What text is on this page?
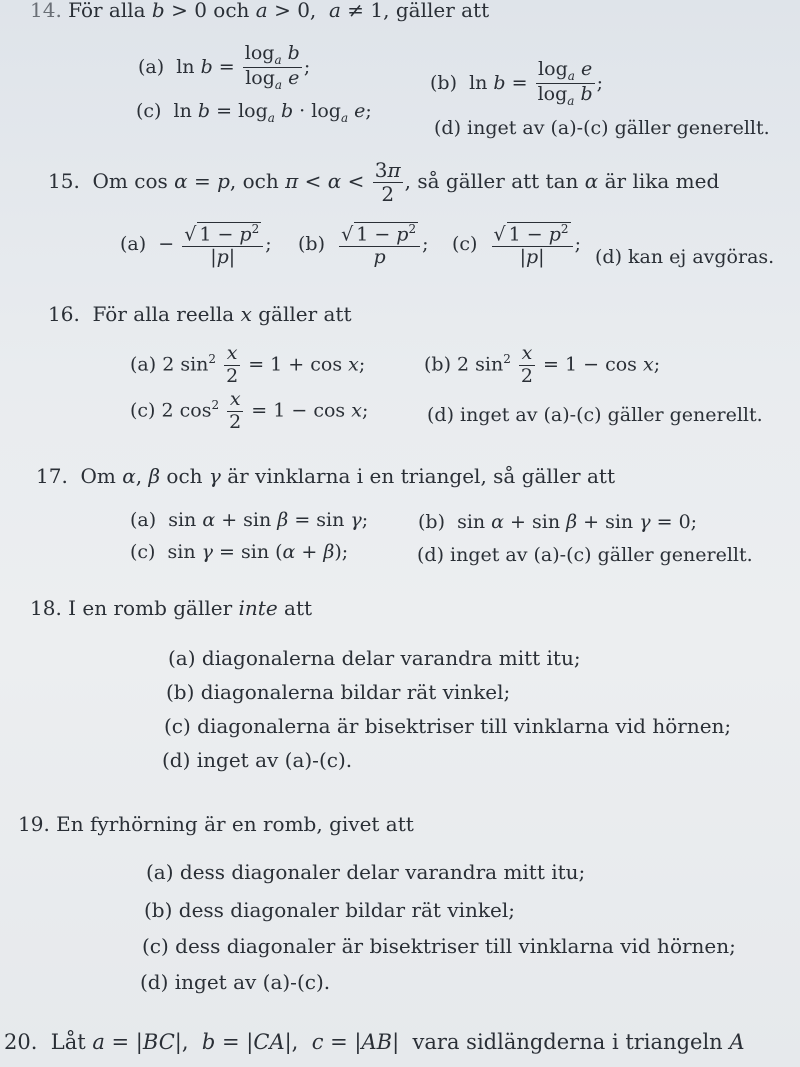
14. För alla b > 0 och a > 0,  a ≠ 1, gäller att
(a)  $\ln b = \frac{\log_a b}{\log_a e}$ ;
(b)  $\ln b = \frac{\log_a e}{\log_a b}$ ;
(c)  $\ln b = \log_a b \cdot \log_a e$;
(d) inget av (a)-(c) gäller generellt.
15.  Om cos α = p, och $\pi < \alpha < \frac{3\pi}{2}$ , så gäller att tan α är lika med
$(a) - \frac{√ 1 - p^2}{|p|}$ ; $(b) \frac{√ 1 - p^2}{p}$ ; $(c) \frac{√ 1 - p^2}{|p|}$ ;
(d) kan ej avgöras.
16.  För alla reella x gäller att
(a) 2 $\sin^2 \frac{x}{2} = 1 + \cos x$;	(b) 2 $\sin^2 \frac{x}{2} = 1 - \cos x$;
(c) 2 $\cos^2 \frac{x}{2} = 1 - \cos x$;	(d) inget av (a)-(c) gäller generellt.
17.  Om α, β och γ är vinklarna i en triangel, så gäller att
(a)  sin α + sin β = sin γ;	(b)  sin α + sin β + sin γ = 0;
(c)  sin γ = sin (α + β);	(d) inget av (a)-(c) gäller generellt.
18. I en romb gäller inte att
(a) diagonalerna delar varandra mitt itu;
(b) diagonalerna bildar rät vinkel;
(c) diagonalerna är bisektriser till vinklarna vid hörnen;
(d) inget av (a)-(c).
19. En fyrhörning är en romb, givet att
(a) dess diagonaler delar varandra mitt itu;
(b) dess diagonaler bildar rät vinkel;
(c) dess diagonaler är bisektriser till vinklarna vid hörnen;
(d) inget av (a)-(c).
20.  Låt a = |BC|,  b = |CA|,  c = |AB|  vara sidlängderna i triangeln A
